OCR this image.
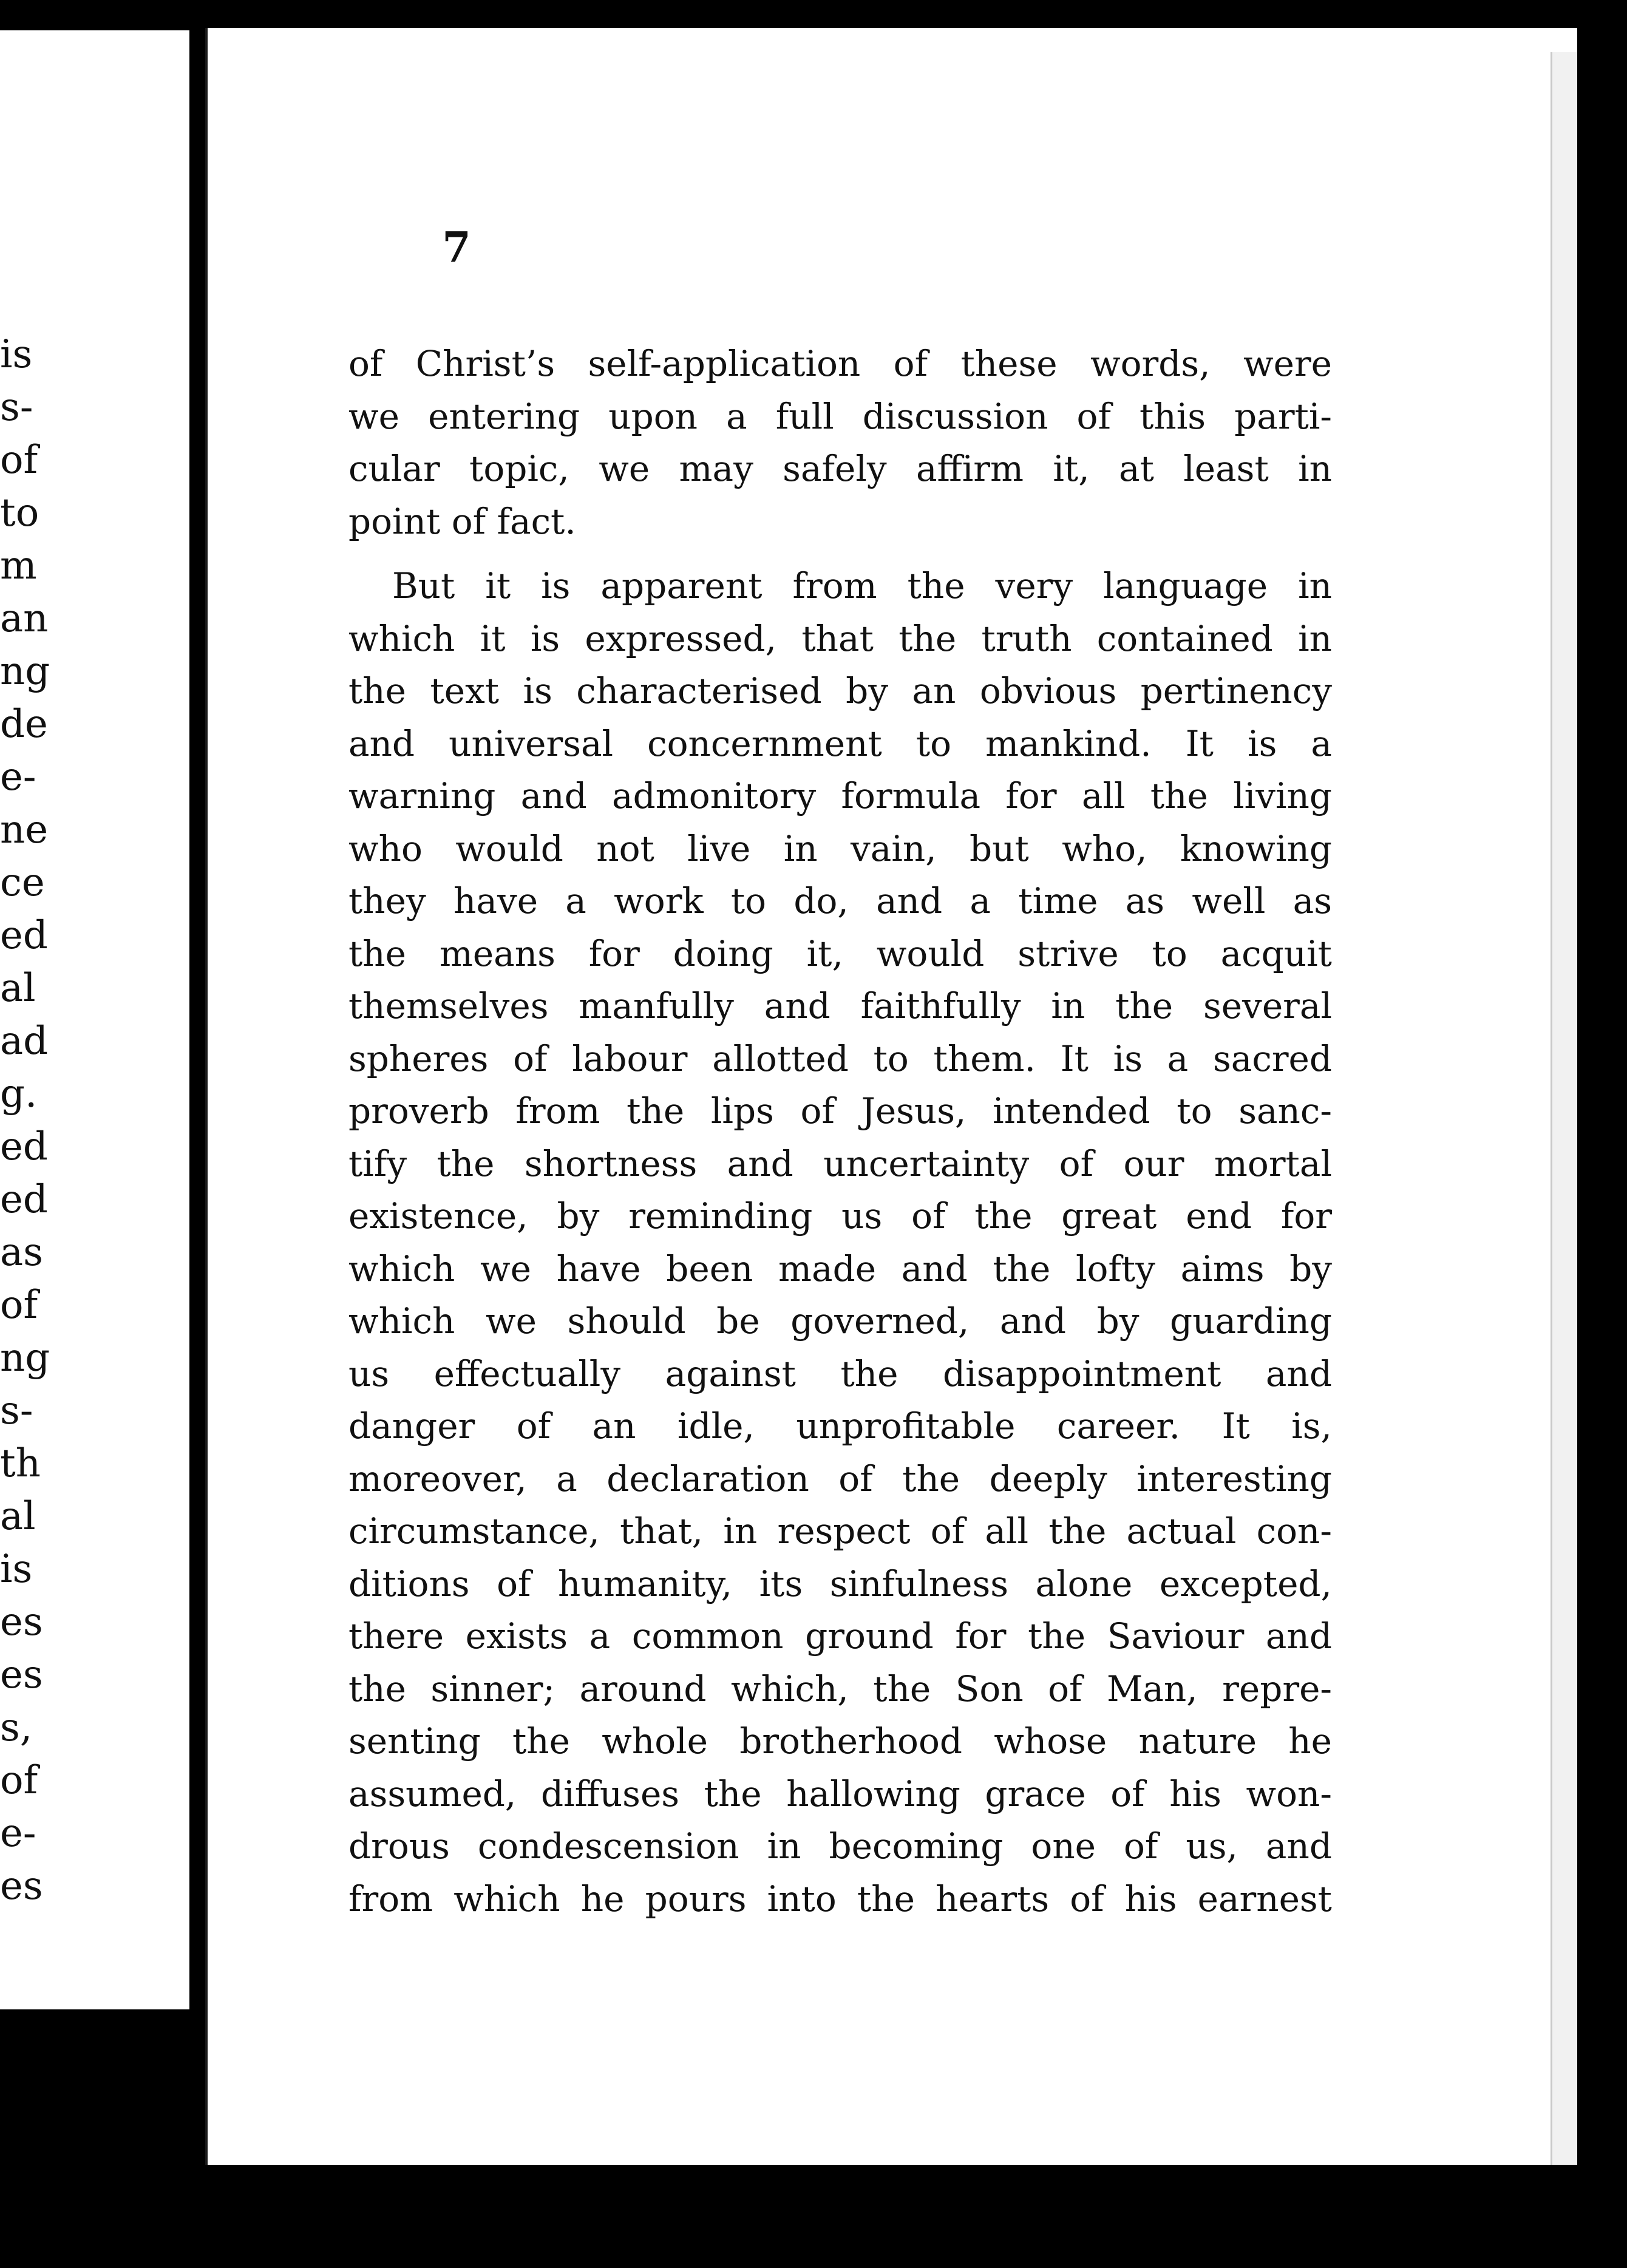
is

s-

of

to

m

an

ng

de

e-

ne

ce

ed

al

ad

g.

ed

ed

as

of

ng

s-

th

al

is

es

es

s,

of

e-

es

7
of Christ’s self-application of these words, were
we entering upon a full discussion of this parti-
cular topic, we may safely affirm it, at least in
point of fact.
But it is apparent from the very language in
which it is expressed, that the truth contained in
the text is characterised by an obvious pertinency
and universal concernment to mankind. It is a
warning and admonitory formula for all the living
who would not live in vain, but who, knowing
they have a work to do, and a time as well as
the means for doing it, would strive to acquit
themselves manfully and faithfully in the several
spheres of labour allotted to them. It is a sacred
proverb from the lips of Jesus, intended to sanc-
tify the shortness and uncertainty of our mortal
existence, by reminding us of the great end for
which we have been made and the lofty aims by
which we should be governed, and by guarding
us effectually against the disappointment and
danger of an idle, unprofitable career. It is,
moreover, a declaration of the deeply interesting
circumstance, that, in respect of all the actual con-
ditions of humanity, its sinfulness alone excepted,
there exists a common ground for the Saviour and
the sinner; around which, the Son of Man, repre-
senting the whole brotherhood whose nature he
assumed, diffuses the hallowing grace of his won-
drous condescension in becoming one of us, and
from which he pours into the hearts of his earnest
